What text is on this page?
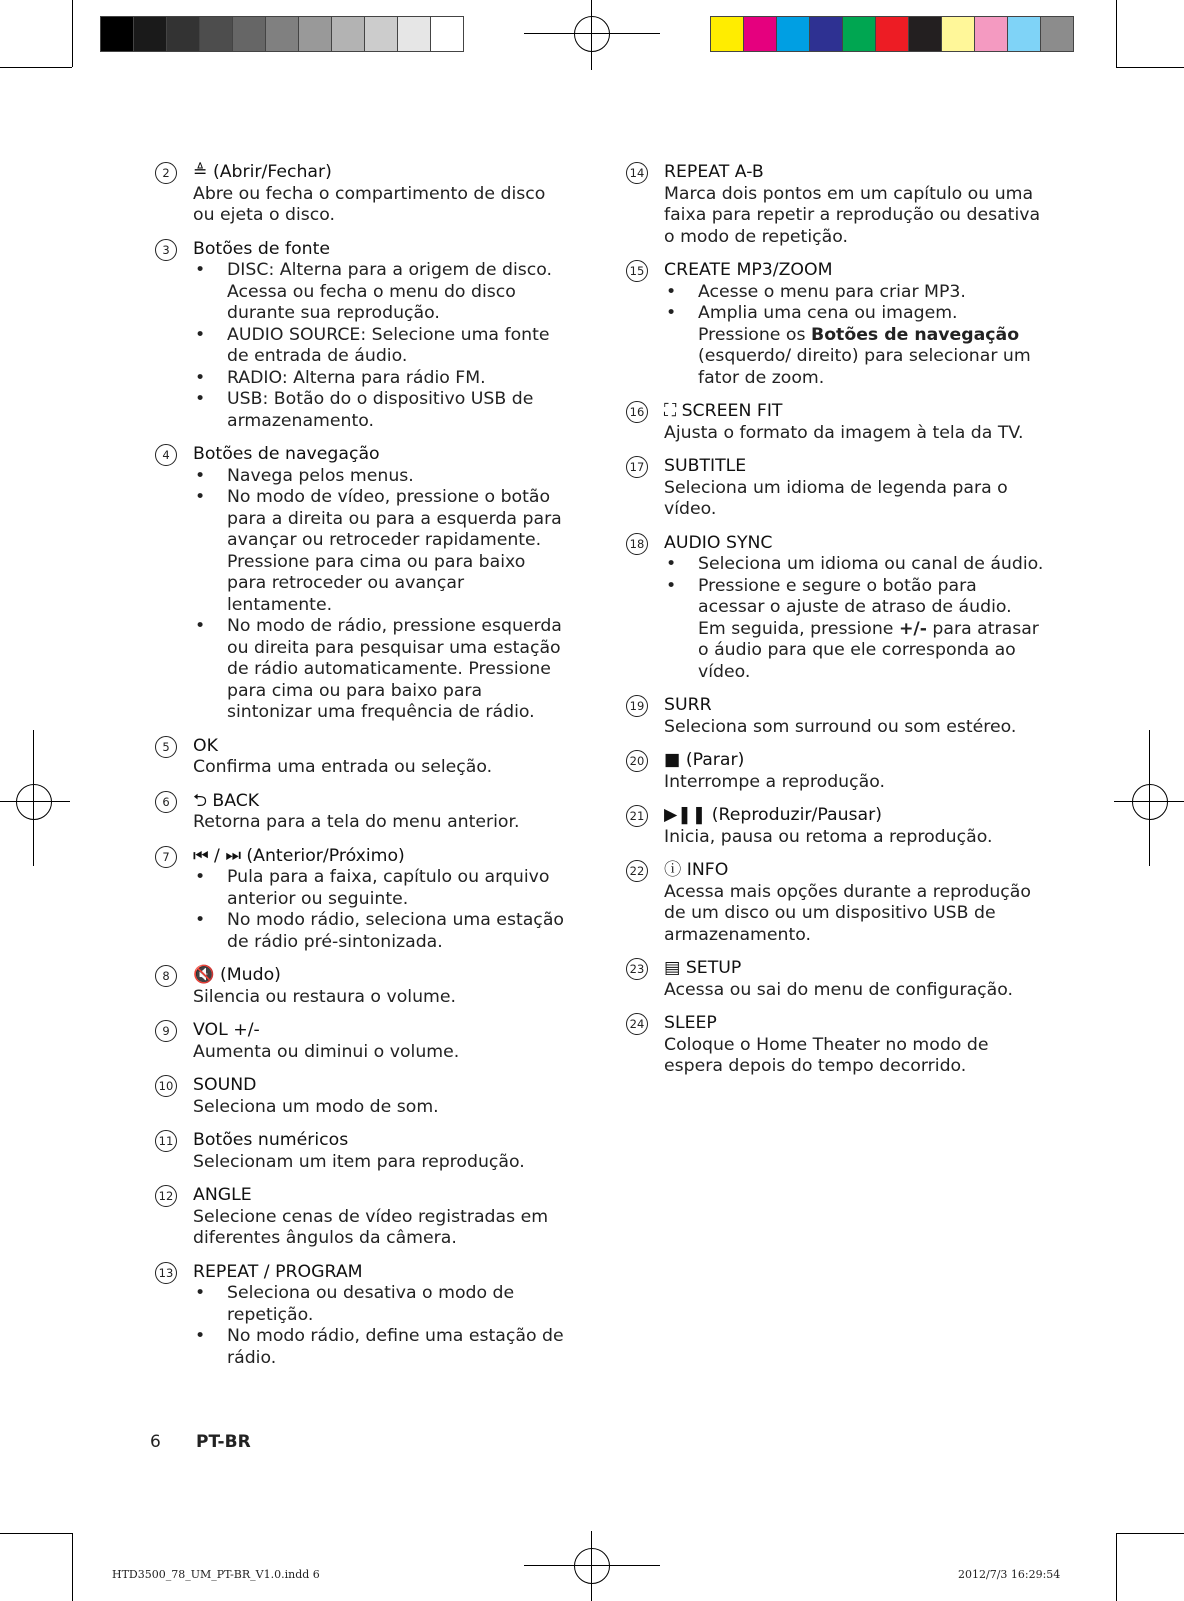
2	≜ (Abrir/Fechar)
Abre ou fecha o compartimento de disco ou ejeta o disco.
3	Botões de fonte
• DISC: Alterna para a origem de disco. Acessa ou fecha o menu do disco durante sua reprodução.
• AUDIO SOURCE: Selecione uma fonte de entrada de áudio.
• RADIO: Alterna para rádio FM.
• USB: Botão do o dispositivo USB de armazenamento.
4	Botões de navegação
• Navega pelos menus.
• No modo de vídeo, pressione o botão para a direita ou para a esquerda para avançar ou retroceder rapidamente. Pressione para cima ou para baixo para retroceder ou avançar lentamente.
• No modo de rádio, pressione esquerda ou direita para pesquisar uma estação de rádio automaticamente. Pressione para cima ou para baixo para sintonizar uma frequência de rádio.
5	OK
Confirma uma entrada ou seleção.
6	⮌ BACK
Retorna para a tela do menu anterior.
7	⏮ / ⏭ (Anterior/Próximo)
• Pula para a faixa, capítulo ou arquivo anterior ou seguinte.
• No modo rádio, seleciona uma estação de rádio pré-sintonizada.
8	🔇 (Mudo)
Silencia ou restaura o volume.
9	VOL +/-
Aumenta ou diminui o volume.
10 SOUND
Seleciona um modo de som.
11 Botões numéricos
Selecionam um item para reprodução.
12 ANGLE
Selecione cenas de vídeo registradas em diferentes ângulos da câmera.
13 REPEAT / PROGRAM
• Seleciona ou desativa o modo de repetição.
• No modo rádio, define uma estação de rádio.
14 REPEAT A-B
Marca dois pontos em um capítulo ou uma faixa para repetir a reprodução ou desativa o modo de repetição.
15 CREATE MP3/ZOOM
• Acesse o menu para criar MP3.
• Amplia uma cena ou imagem. Pressione os Botões de navegação (esquerdo/ direito) para selecionar um fator de zoom.
16 ⛶ SCREEN FIT
Ajusta o formato da imagem à tela da TV.
17 SUBTITLE
Seleciona um idioma de legenda para o vídeo.
18 AUDIO SYNC
• Seleciona um idioma ou canal de áudio.
• Pressione e segure o botão para acessar o ajuste de atraso de áudio. Em seguida, pressione +/- para atrasar o áudio para que ele corresponda ao vídeo.
19 SURR
Seleciona som surround ou som estéreo.
20 ■ (Parar)
Interrompe a reprodução.
21 ▶❚❚ (Reproduzir/Pausar)
Inicia, pausa ou retoma a reprodução.
22 ⓘ INFO
Acessa mais opções durante a reprodução de um disco ou um dispositivo USB de armazenamento.
23 ▤ SETUP
Acessa ou sai do menu de configuração.
24 SLEEP
Coloque o Home Theater no modo de espera depois do tempo decorrido.
6 PT-BR
HTD3500_78_UM_PT-BR_V1.0.indd 6	2012/7/3 16:29:54
